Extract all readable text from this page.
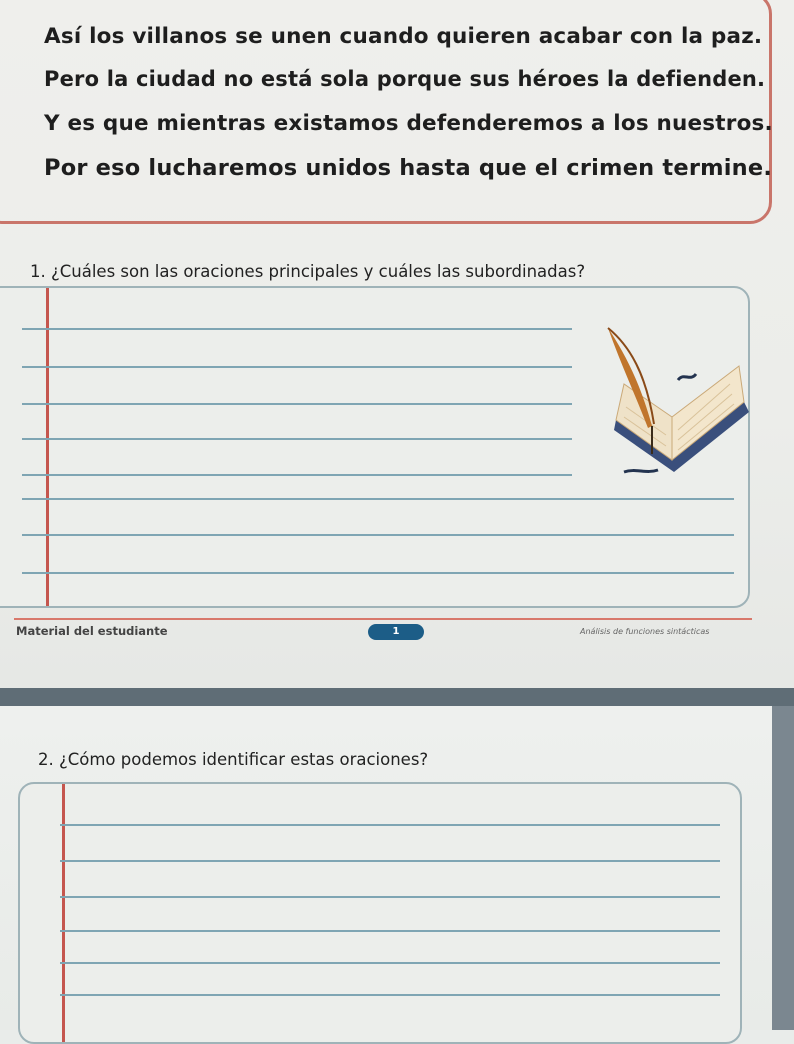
Así los villanos se unen cuando quieren acabar con la paz.
Pero la ciudad no está sola porque sus héroes la defienden.
Y es que mientras existamos defenderemos a los nuestros.
Por eso lucharemos unidos hasta que el crimen termine.
1. ¿Cuáles son las oraciones principales y cuáles las subordinadas?
Material del estudiante	1	Análisis de funciones sintácticas
2. ¿Cómo podemos identificar estas oraciones?
